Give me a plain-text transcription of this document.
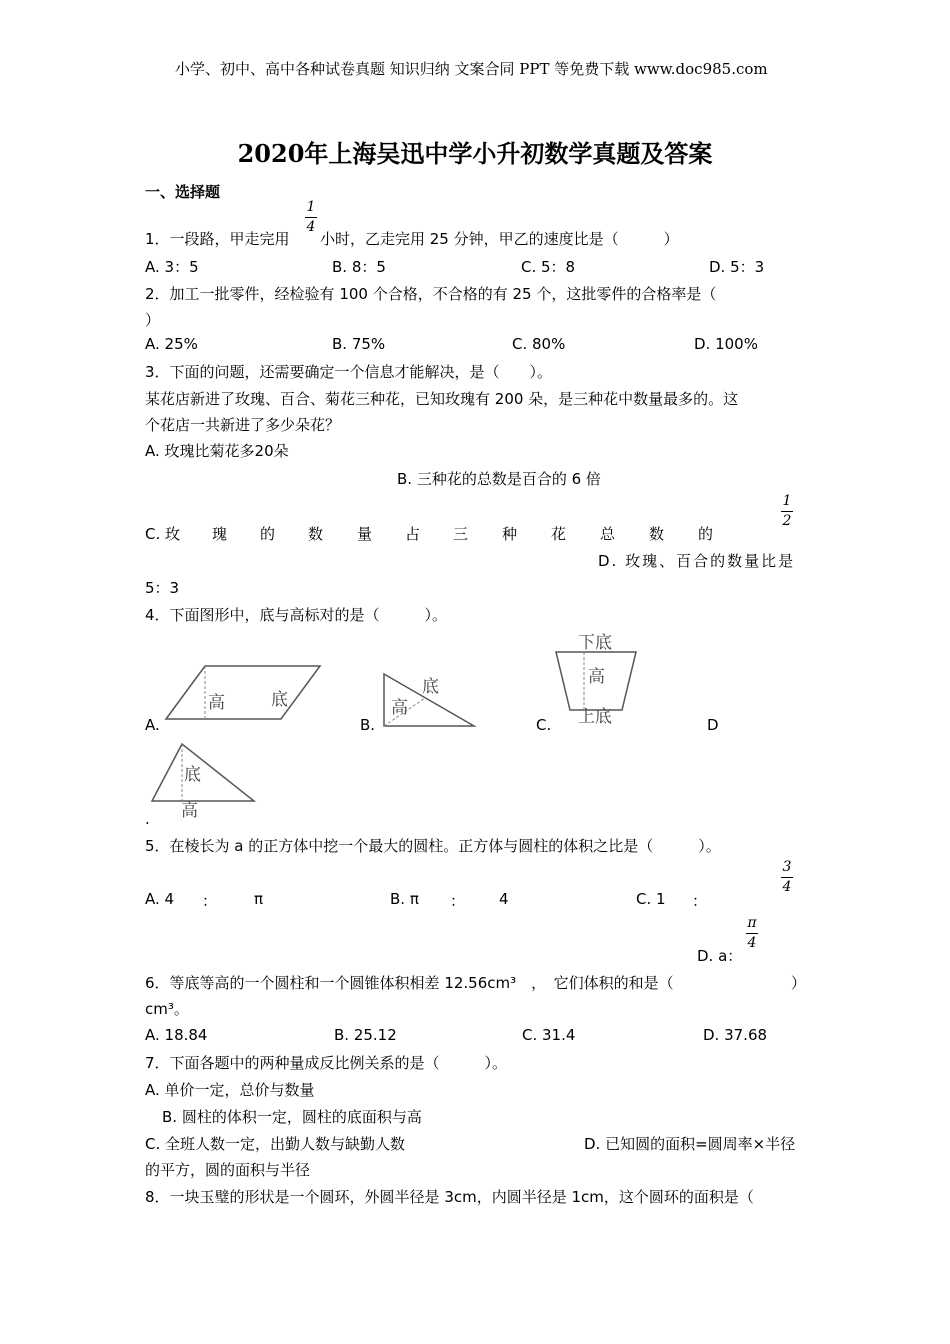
小学、初中、高中各种试卷真题 知识归纳 文案合同 PPT 等免费下载 www.doc985.com
2020年上海吴迅中学小升初数学真题及答案
一、选择题
1．一段路，甲走完用
1
4
小时，乙走完用 25 分钟，甲乙的速度比是（　　　）
A. 3：5	B. 8：5	C. 5：8	D. 5：3
2．加工一批零件，经检验有 100 个合格，不合格的有 25 个，这批零件的合格率是（
）
A. 25%	B. 75%	C. 80%	D. 100%
3．下面的问题，还需要确定一个信息才能解决，是（　　）。
某花店新进了玫瑰、百合、菊花三种花，已知玫瑰有 200 朵，是三种花中数量最多的。这
个花店一共新进了多少朵花？
A. 玫瑰比菊花多20朵
B. 三种花的总数是百合的 6 倍
C. 玫 瑰 的 数 量 占 三 种 花 总 数 的
1
2
D. 玫瑰、百合的数量比是
5：3
4．下面图形中，底与高标对的是（　　　）。
A.
高	底
B.
底
高
C.
下底
高
上底	D
底
高
.
5．在棱长为 a 的正方体中挖一个最大的圆柱。正方体与圆柱的体积之比是（　　　）。
A. 4 ： π	B. π ： 4	C. 1 ：
3
4
D. a：
π
4
6．等底等高的一个圆柱和一个圆锥体积相差 12.56cm³　，　它们体积的和是（	）
cm³。
A. 18.84	B. 25.12	C. 31.4	D. 37.68
7．下面各题中的两种量成反比例关系的是（　　　）。
A. 单价一定，总价与数量
B. 圆柱的体积一定，圆柱的底面积与高
C. 全班人数一定，出勤人数与缺勤人数	D. 已知圆的面积=圆周率×半径
的平方，圆的面积与半径
8．一块玉璧的形状是一个圆环，外圆半径是 3cm，内圆半径是 1cm，这个圆环的面积是（
